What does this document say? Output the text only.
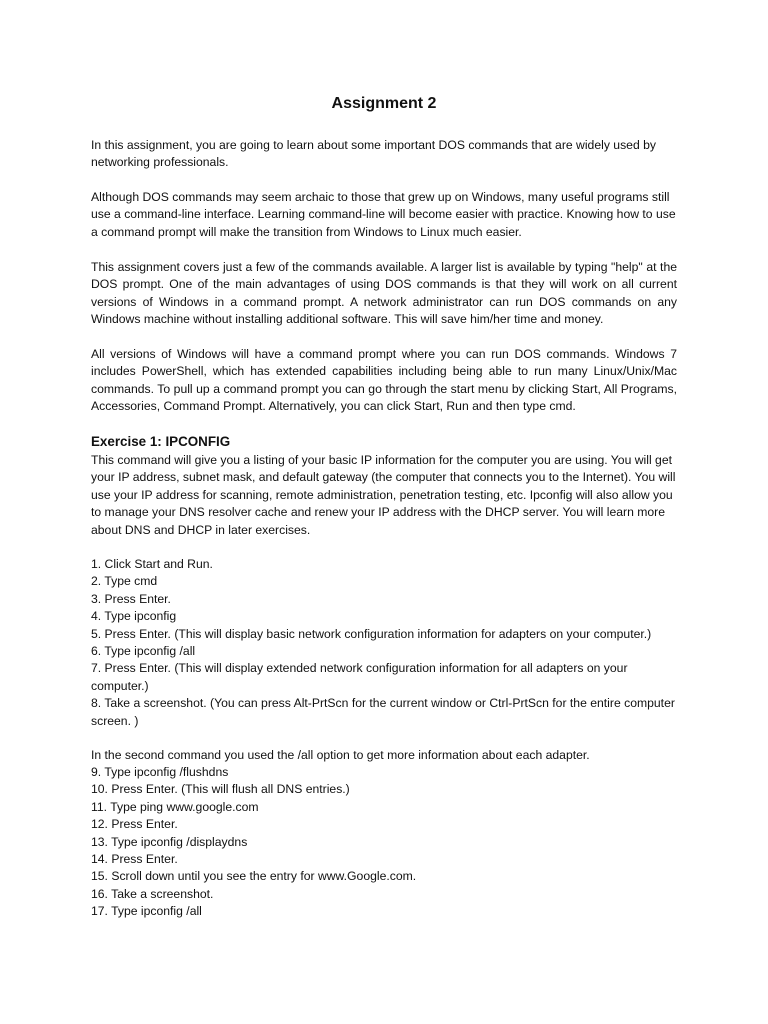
Assignment 2

In this assignment, you are going to learn about some important DOS commands that are widely used by networking professionals.

Although DOS commands may seem archaic to those that grew up on Windows, many useful programs still use a command-line interface. Learning command-line will become easier with practice. Knowing how to use a command prompt will make the transition from Windows to Linux much easier.

This assignment covers just a few of the commands available. A larger list is available by typing "help" at the DOS prompt. One of the main advantages of using DOS commands is that they will work on all current versions of Windows in a command prompt. A network administrator can run DOS commands on any Windows machine without installing additional software. This will save him/her time and money.

All versions of Windows will have a command prompt where you can run DOS commands. Windows 7 includes PowerShell, which has extended capabilities including being able to run many Linux/Unix/Mac commands. To pull up a command prompt you can go through the start menu by clicking Start, All Programs, Accessories, Command Prompt. Alternatively, you can click Start, Run and then type cmd.

Exercise 1: IPCONFIG

This command will give you a listing of your basic IP information for the computer you are using. You will get your IP address, subnet mask, and default gateway (the computer that connects you to the Internet). You will use your IP address for scanning, remote administration, penetration testing, etc. Ipconfig will also allow you to manage your DNS resolver cache and renew your IP address with the DHCP server. You will learn more about DNS and DHCP in later exercises.

1. Click Start and Run.
2. Type cmd
3. Press Enter.
4. Type ipconfig
5. Press Enter. (This will display basic network configuration information for adapters on your computer.)
6. Type ipconfig /all
7. Press Enter. (This will display extended network configuration information for all adapters on your computer.)
8. Take a screenshot. (You can press Alt-PrtScn for the current window or Ctrl-PrtScn for the entire computer screen. )

In the second command you used the /all option to get more information about each adapter.

9. Type ipconfig /flushdns
10. Press Enter. (This will flush all DNS entries.)
11. Type ping www.google.com
12. Press Enter.
13. Type ipconfig /displaydns
14. Press Enter.
15. Scroll down until you see the entry for www.Google.com.
16. Take a screenshot.
17. Type ipconfig /all
